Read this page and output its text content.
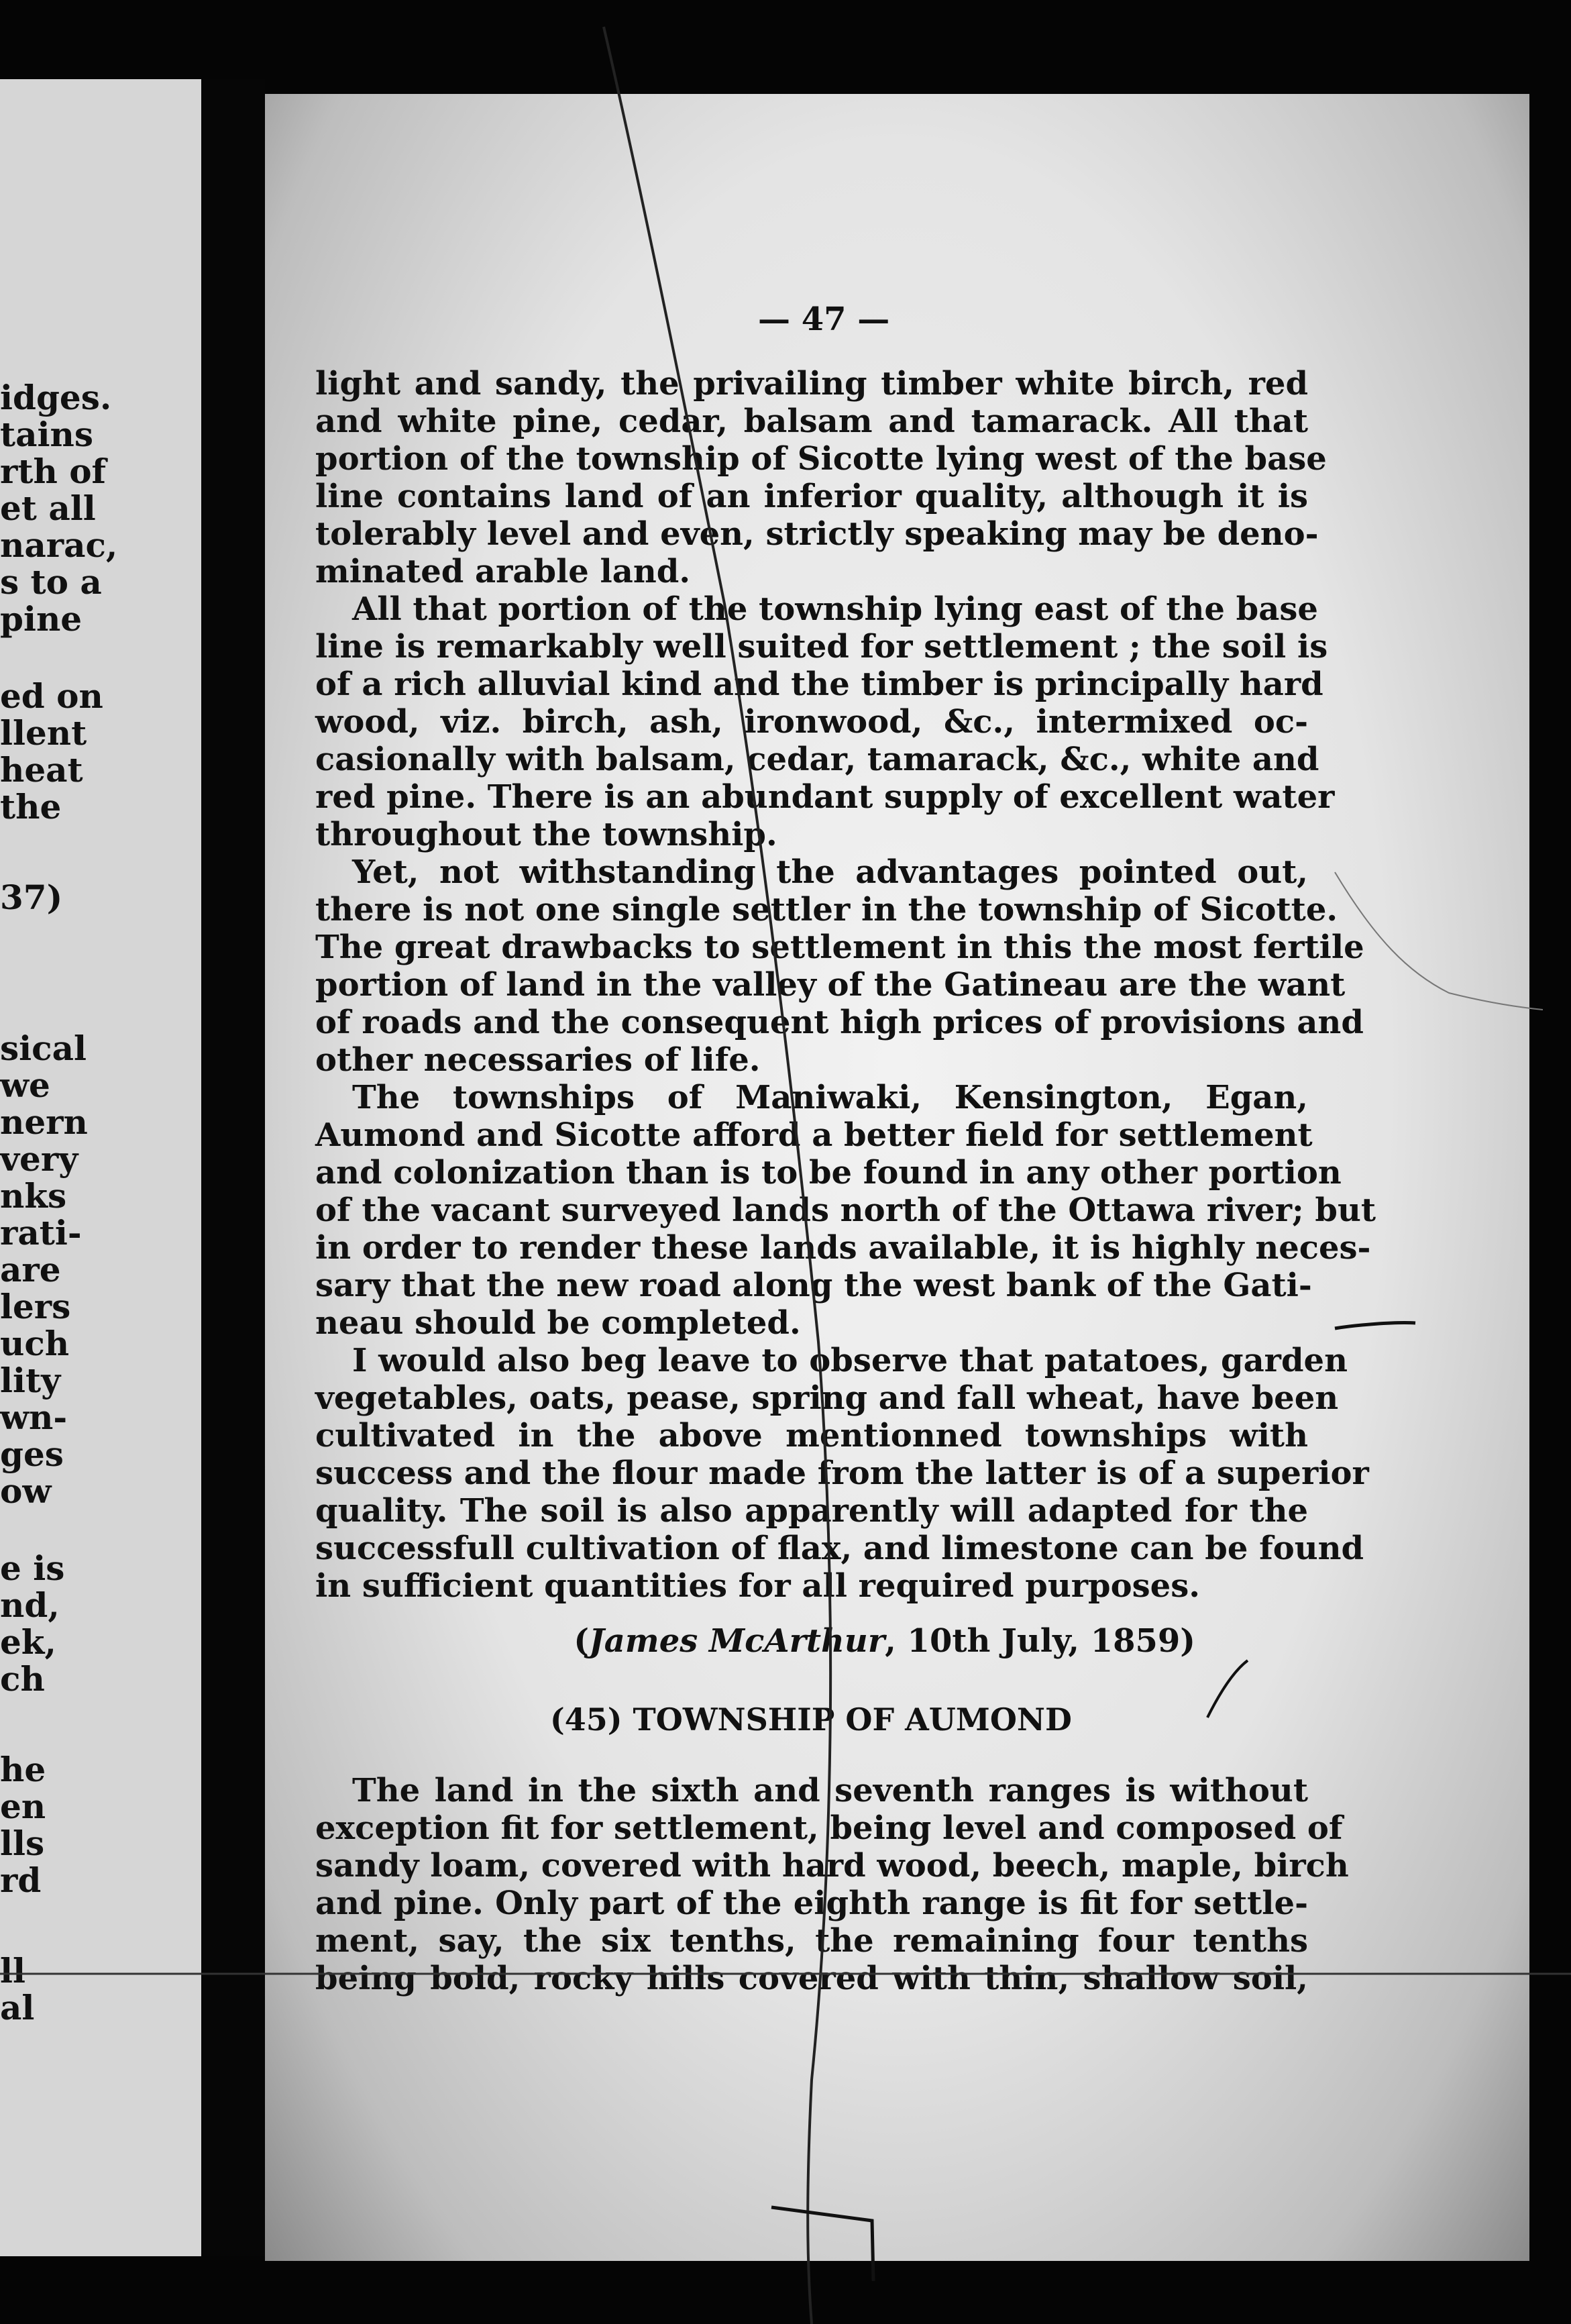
idges.
tains
rth of
et all
narac,
s to a
pine
ed on
llent
heat
the
37)
sical
we
nern
very
nks
rati-
are
lers
uch
lity
wn-
ges
ow
e is
nd,
ek,
ch
he
en
lls
rd
ll
al
— 47 —

light and sandy, the privailing timber white birch, red

and white pine, cedar, balsam and tamarack. All that

portion of the township of Sicotte lying west of the base

line contains land of an inferior quality, although it is

tolerably level and even, strictly speaking may be deno-

minated arable land.

All that portion of the township lying east of the base

line is remarkably well suited for settlement ; the soil is

of a rich alluvial kind and the timber is principally hard

wood, viz. birch, ash, ironwood, &c., intermixed oc-

casionally with balsam, cedar, tamarack, &c., white and

red pine. There is an abundant supply of excellent water

throughout the township.

Yet, not withstanding the advantages pointed out,

there is not one single settler in the township of Sicotte.

The great drawbacks to settlement in this the most fertile

portion of land in the valley of the Gatineau are the want

of roads and the consequent high prices of provisions and

other necessaries of life.

The townships of Maniwaki, Kensington, Egan,

Aumond and Sicotte afford a better field for settlement

and colonization than is to be found in any other portion

of the vacant surveyed lands north of the Ottawa river; but

in order to render these lands available, it is highly neces-

sary that the new road along the west bank of the Gati-

neau should be completed.

I would also beg leave to observe that patatoes, garden

vegetables, oats, pease, spring and fall wheat, have been

cultivated in the above mentionned townships with

success and the flour made from the latter is of a superior

quality. The soil is also apparently will adapted for the

successfull cultivation of flax, and limestone can be found

in sufficient quantities for all required purposes.

(James McArthur, 10th July, 1859)
(45) TOWNSHIP OF AUMOND

The land in the sixth and seventh ranges is without

exception fit for settlement, being level and composed of

sandy loam, covered with hard wood, beech, maple, birch

and pine. Only part of the eighth range is fit for settle-

ment, say, the six tenths, the remaining four tenths

being bold, rocky hills covered with thin, shallow soil,
